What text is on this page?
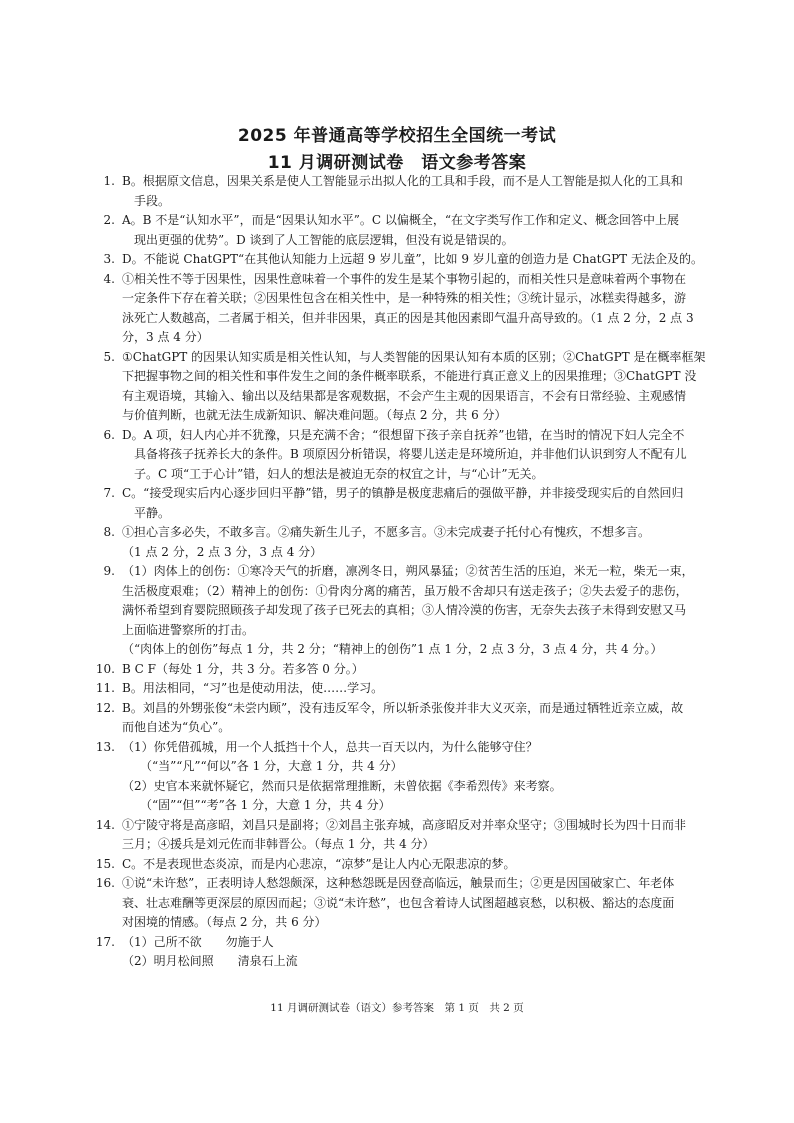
2025 年普通高等学校招生全国统一考试
11 月调研测试卷　语文参考答案
1. B。根据原文信息，因果关系是使人工智能显示出拟人化的工具和手段，而不是人工智能是拟人化的工具和
　手段。
2. A。B 不是“认知水平”，而是“因果认知水平”。C 以偏概全，“在文字类写作工作和定义、概念回答中上展
　现出更强的优势”。D 谈到了人工智能的底层逻辑，但没有说是错误的。
3. D。不能说 ChatGPT“在其他认知能力上远超 9 岁儿童”，比如 9 岁儿童的创造力是 ChatGPT 无法企及的。
4. ①相关性不等于因果性，因果性意味着一个事件的发生是某个事物引起的，而相关性只是意味着两个事物在
一定条件下存在着关联；②因果性包含在相关性中，是一种特殊的相关性；③统计显示，冰糕卖得越多，游
泳死亡人数越高，二者属于相关，但并非因果，真正的因是其他因素即气温升高导致的。（1 点 2 分，2 点 3
分，3 点 4 分）
5. ①ChatGPT 的因果认知实质是相关性认知，与人类智能的因果认知有本质的区别；②ChatGPT 是在概率框架
下把握事物之间的相关性和事件发生之间的条件概率联系，不能进行真正意义上的因果推理；③ChatGPT 没
有主观语境，其输入、输出以及结果都是客观数据，不会产生主观的因果语言，不会有日常经验、主观感情
与价值判断，也就无法生成新知识、解决难问题。（每点 2 分，共 6 分）
6. D。A 项，妇人内心并不犹豫，只是充满不舍；“很想留下孩子亲自抚养”也错，在当时的情况下妇人完全不
　具备将孩子抚养长大的条件。B 项原因分析错误，将婴儿送走是环境所迫，并非他们认识到穷人不配有儿
　子。C 项“工于心计”错，妇人的想法是被迫无奈的权宜之计，与“心计”无关。
7. C。“接受现实后内心逐步回归平静”错，男子的镇静是极度悲痛后的强做平静，并非接受现实后的自然回归
　平静。
8. ①担心言多必失，不敢多言。②痛失新生儿子，不愿多言。③未完成妻子托付心有愧疚，不想多言。
（1 点 2 分，2 点 3 分，3 点 4 分）
9. （1）肉体上的创伤：①寒冷天气的折磨，凛冽冬日，朔风暴猛；②贫苦生活的压迫，米无一粒，柴无一束，
生活极度艰难；（2）精神上的创伤：①骨肉分离的痛苦，虽万般不舍却只有送走孩子；②失去爱子的悲伤，
满怀希望到育婴院照顾孩子却发现了孩子已死去的真相；③人情冷漠的伤害，无奈失去孩子未得到安慰又马
上面临进警察所的打击。
（“肉体上的创伤”每点 1 分，共 2 分；“精神上的创伤”1 点 1 分，2 点 3 分，3 点 4 分，共 4 分。）
10. B C F（每处 1 分，共 3 分。若多答 0 分。）
11. B。用法相同，“习”也是使动用法，使……学习。
12. B。刘昌的外甥张俊“未尝内顾”，没有违反军令，所以斩杀张俊并非大义灭亲，而是通过牺牲近亲立威，故
而他自述为“负心”。
13. （1）你凭借孤城，用一个人抵挡十个人，总共一百天以内，为什么能够守住？
　　（“当”“凡”“何以”各 1 分，大意 1 分，共 4 分）
（2）史官本来就怀疑它，然而只是依据常理推断，未曾依据《李希烈传》来考察。
　　（“固”“但”“考”各 1 分，大意 1 分，共 4 分）
14. ①宁陵守将是高彦昭，刘昌只是副将；②刘昌主张弃城，高彦昭反对并率众坚守；③围城时长为四十日而非
三月；④援兵是刘元佐而非韩晋公。（每点 1 分，共 4 分）
15. C。不是表现世态炎凉，而是内心悲凉，“凉梦”是让人内心无限悲凉的梦。
16. ①说“未许愁”，正表明诗人愁怨颇深，这种愁怨既是因登高临远，触景而生；②更是因国破家亡、年老体
衰、壮志难酬等更深层的原因而起；③说“未许愁”，也包含着诗人试图超越哀愁，以积极、豁达的态度面
对困境的情感。（每点 2 分，共 6 分）
17. （1）己所不欲　　勿施于人
（2）明月松间照　　清泉石上流
11 月调研测试卷（语文）参考答案　第 1 页　共 2 页
